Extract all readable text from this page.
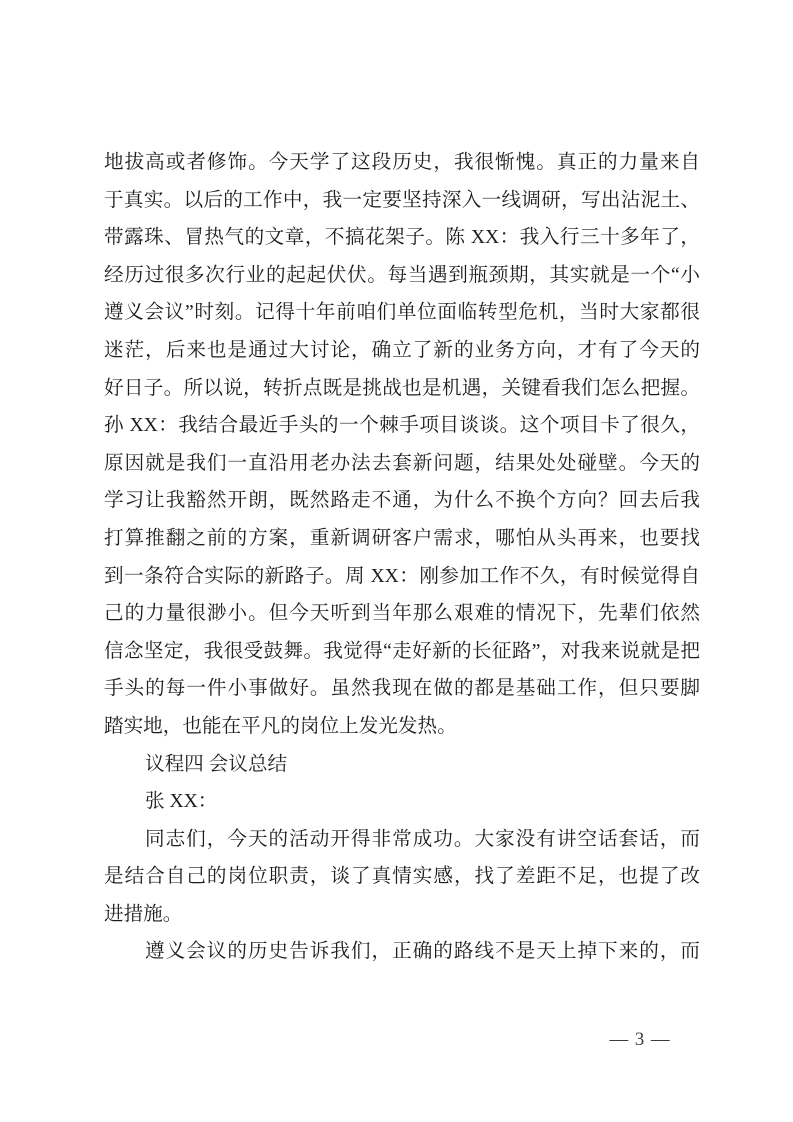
地拔高或者修饰。今天学了这段历史，我很惭愧。真正的力量来自
于真实。以后的工作中，我一定要坚持深入一线调研，写出沾泥土、
带露珠、冒热气的文章，不搞花架子。陈 XX：我入行三十多年了，
经历过很多次行业的起起伏伏。每当遇到瓶颈期，其实就是一个“小
遵义会议”时刻。记得十年前咱们单位面临转型危机，当时大家都很
迷茫，后来也是通过大讨论，确立了新的业务方向，才有了今天的
好日子。所以说，转折点既是挑战也是机遇，关键看我们怎么把握。
孙 XX：我结合最近手头的一个棘手项目谈谈。这个项目卡了很久，
原因就是我们一直沿用老办法去套新问题，结果处处碰壁。今天的
学习让我豁然开朗，既然路走不通，为什么不换个方向？回去后我
打算推翻之前的方案，重新调研客户需求，哪怕从头再来，也要找
到一条符合实际的新路子。周 XX：刚参加工作不久，有时候觉得自
己的力量很渺小。但今天听到当年那么艰难的情况下，先辈们依然
信念坚定，我很受鼓舞。我觉得“走好新的长征路”，对我来说就是把
手头的每一件小事做好。虽然我现在做的都是基础工作，但只要脚
踏实地，也能在平凡的岗位上发光发热。
议程四 会议总结
张 XX：
同志们，今天的活动开得非常成功。大家没有讲空话套话，而
是结合自己的岗位职责，谈了真情实感，找了差距不足，也提了改
进措施。
遵义会议的历史告诉我们，正确的路线不是天上掉下来的，而
— 3 —
